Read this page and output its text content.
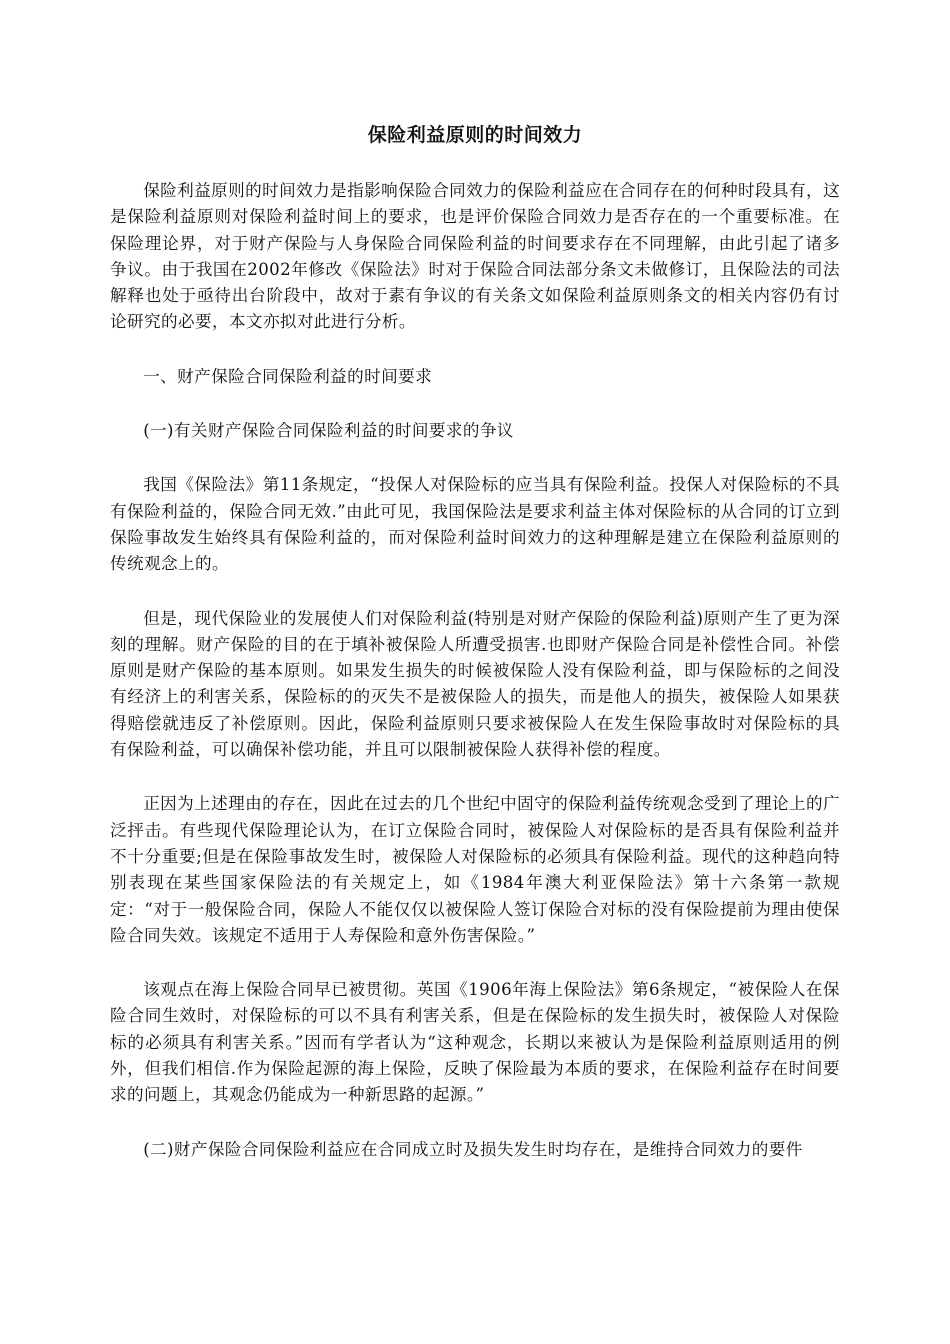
保险利益原则的时间效力

保险利益原则的时间效力是指影响保险合同效力的保险利益应在合同存在的何种时段具有，这是保险利益原则对保险利益时间上的要求，也是评价保险合同效力是否存在的一个重要标准。在保险理论界，对于财产保险与人身保险合同保险利益的时间要求存在不同理解，由此引起了诸多争议。由于我国在2002年修改《保险法》时对于保险合同法部分条文未做修订，且保险法的司法解释也处于亟待出台阶段中，故对于素有争议的有关条文如保险利益原则条文的相关内容仍有讨论研究的必要，本文亦拟对此进行分析。

一、财产保险合同保险利益的时间要求

(一)有关财产保险合同保险利益的时间要求的争议

我国《保险法》第11条规定，“投保人对保险标的应当具有保险利益。投保人对保险标的不具有保险利益的，保险合同无效.”由此可见，我国保险法是要求利益主体对保险标的从合同的订立到保险事故发生始终具有保险利益的，而对保险利益时间效力的这种理解是建立在保险利益原则的传统观念上的。

但是，现代保险业的发展使人们对保险利益(特别是对财产保险的保险利益)原则产生了更为深刻的理解。财产保险的目的在于填补被保险人所遭受损害.也即财产保险合同是补偿性合同。补偿原则是财产保险的基本原则。如果发生损失的时候被保险人没有保险利益，即与保险标的之间没有经济上的利害关系，保险标的的灭失不是被保险人的损失，而是他人的损失，被保险人如果获得赔偿就违反了补偿原则。因此，保险利益原则只要求被保险人在发生保险事故时对保险标的具有保险利益，可以确保补偿功能，并且可以限制被保险人获得补偿的程度。

正因为上述理由的存在，因此在过去的几个世纪中固守的保险利益传统观念受到了理论上的广泛抨击。有些现代保险理论认为，在订立保险合同时，被保险人对保险标的是否具有保险利益并不十分重要;但是在保险事故发生时，被保险人对保险标的必须具有保险利益。现代的这种趋向特别表现在某些国家保险法的有关规定上，如《1984年澳大利亚保险法》第十六条第一款规定：“对于一般保险合同，保险人不能仅仅以被保险人签订保险合对标的没有保险提前为理由使保险合同失效。该规定不适用于人寿保险和意外伤害保险。”

该观点在海上保险合同早已被贯彻。英国《1906年海上保险法》第6条规定，“被保险人在保险合同生效时，对保险标的可以不具有利害关系，但是在保险标的发生损失时，被保险人对保险标的必须具有利害关系。”因而有学者认为“这种观念，长期以来被认为是保险利益原则适用的例外，但我们相信.作为保险起源的海上保险，反映了保险最为本质的要求，在保险利益存在时间要求的问题上，其观念仍能成为一种新思路的起源。”

(二)财产保险合同保险利益应在合同成立时及损失发生时均存在，是维持合同效力的要件
